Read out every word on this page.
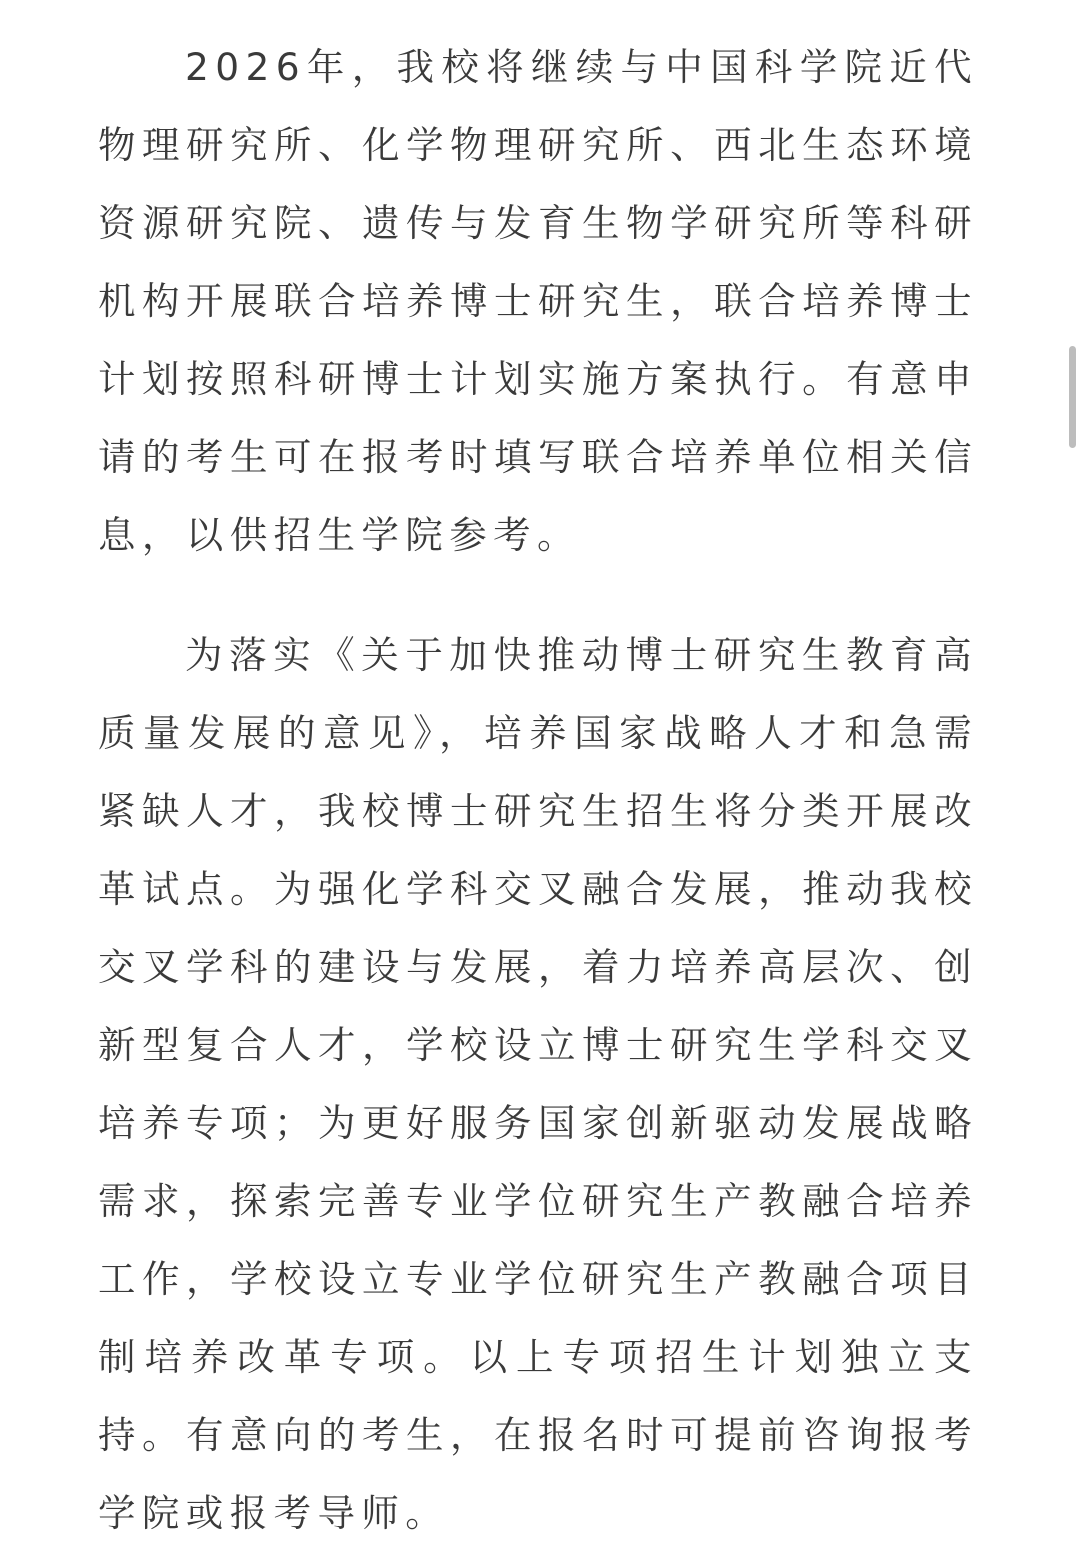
2026年，我校将继续与中国科学院近代物理研究所、化学物理研究所、西北生态环境资源研究院、遗传与发育生物学研究所等科研机构开展联合培养博士研究生，联合培养博士计划按照科研博士计划实施方案执行。有意申请的考生可在报考时填写联合培养单位相关信息，以供招生学院参考。

为落实《关于加快推动博士研究生教育高质量发展的意见》，培养国家战略人才和急需紧缺人才，我校博士研究生招生将分类开展改革试点。为强化学科交叉融合发展，推动我校交叉学科的建设与发展，着力培养高层次、创新型复合人才，学校设立博士研究生学科交叉培养专项；为更好服务国家创新驱动发展战略需求，探索完善专业学位研究生产教融合培养工作，学校设立专业学位研究生产教融合项目制培养改革专项。以上专项招生计划独立支持。有意向的考生，在报名时可提前咨询报考学院或报考导师。
